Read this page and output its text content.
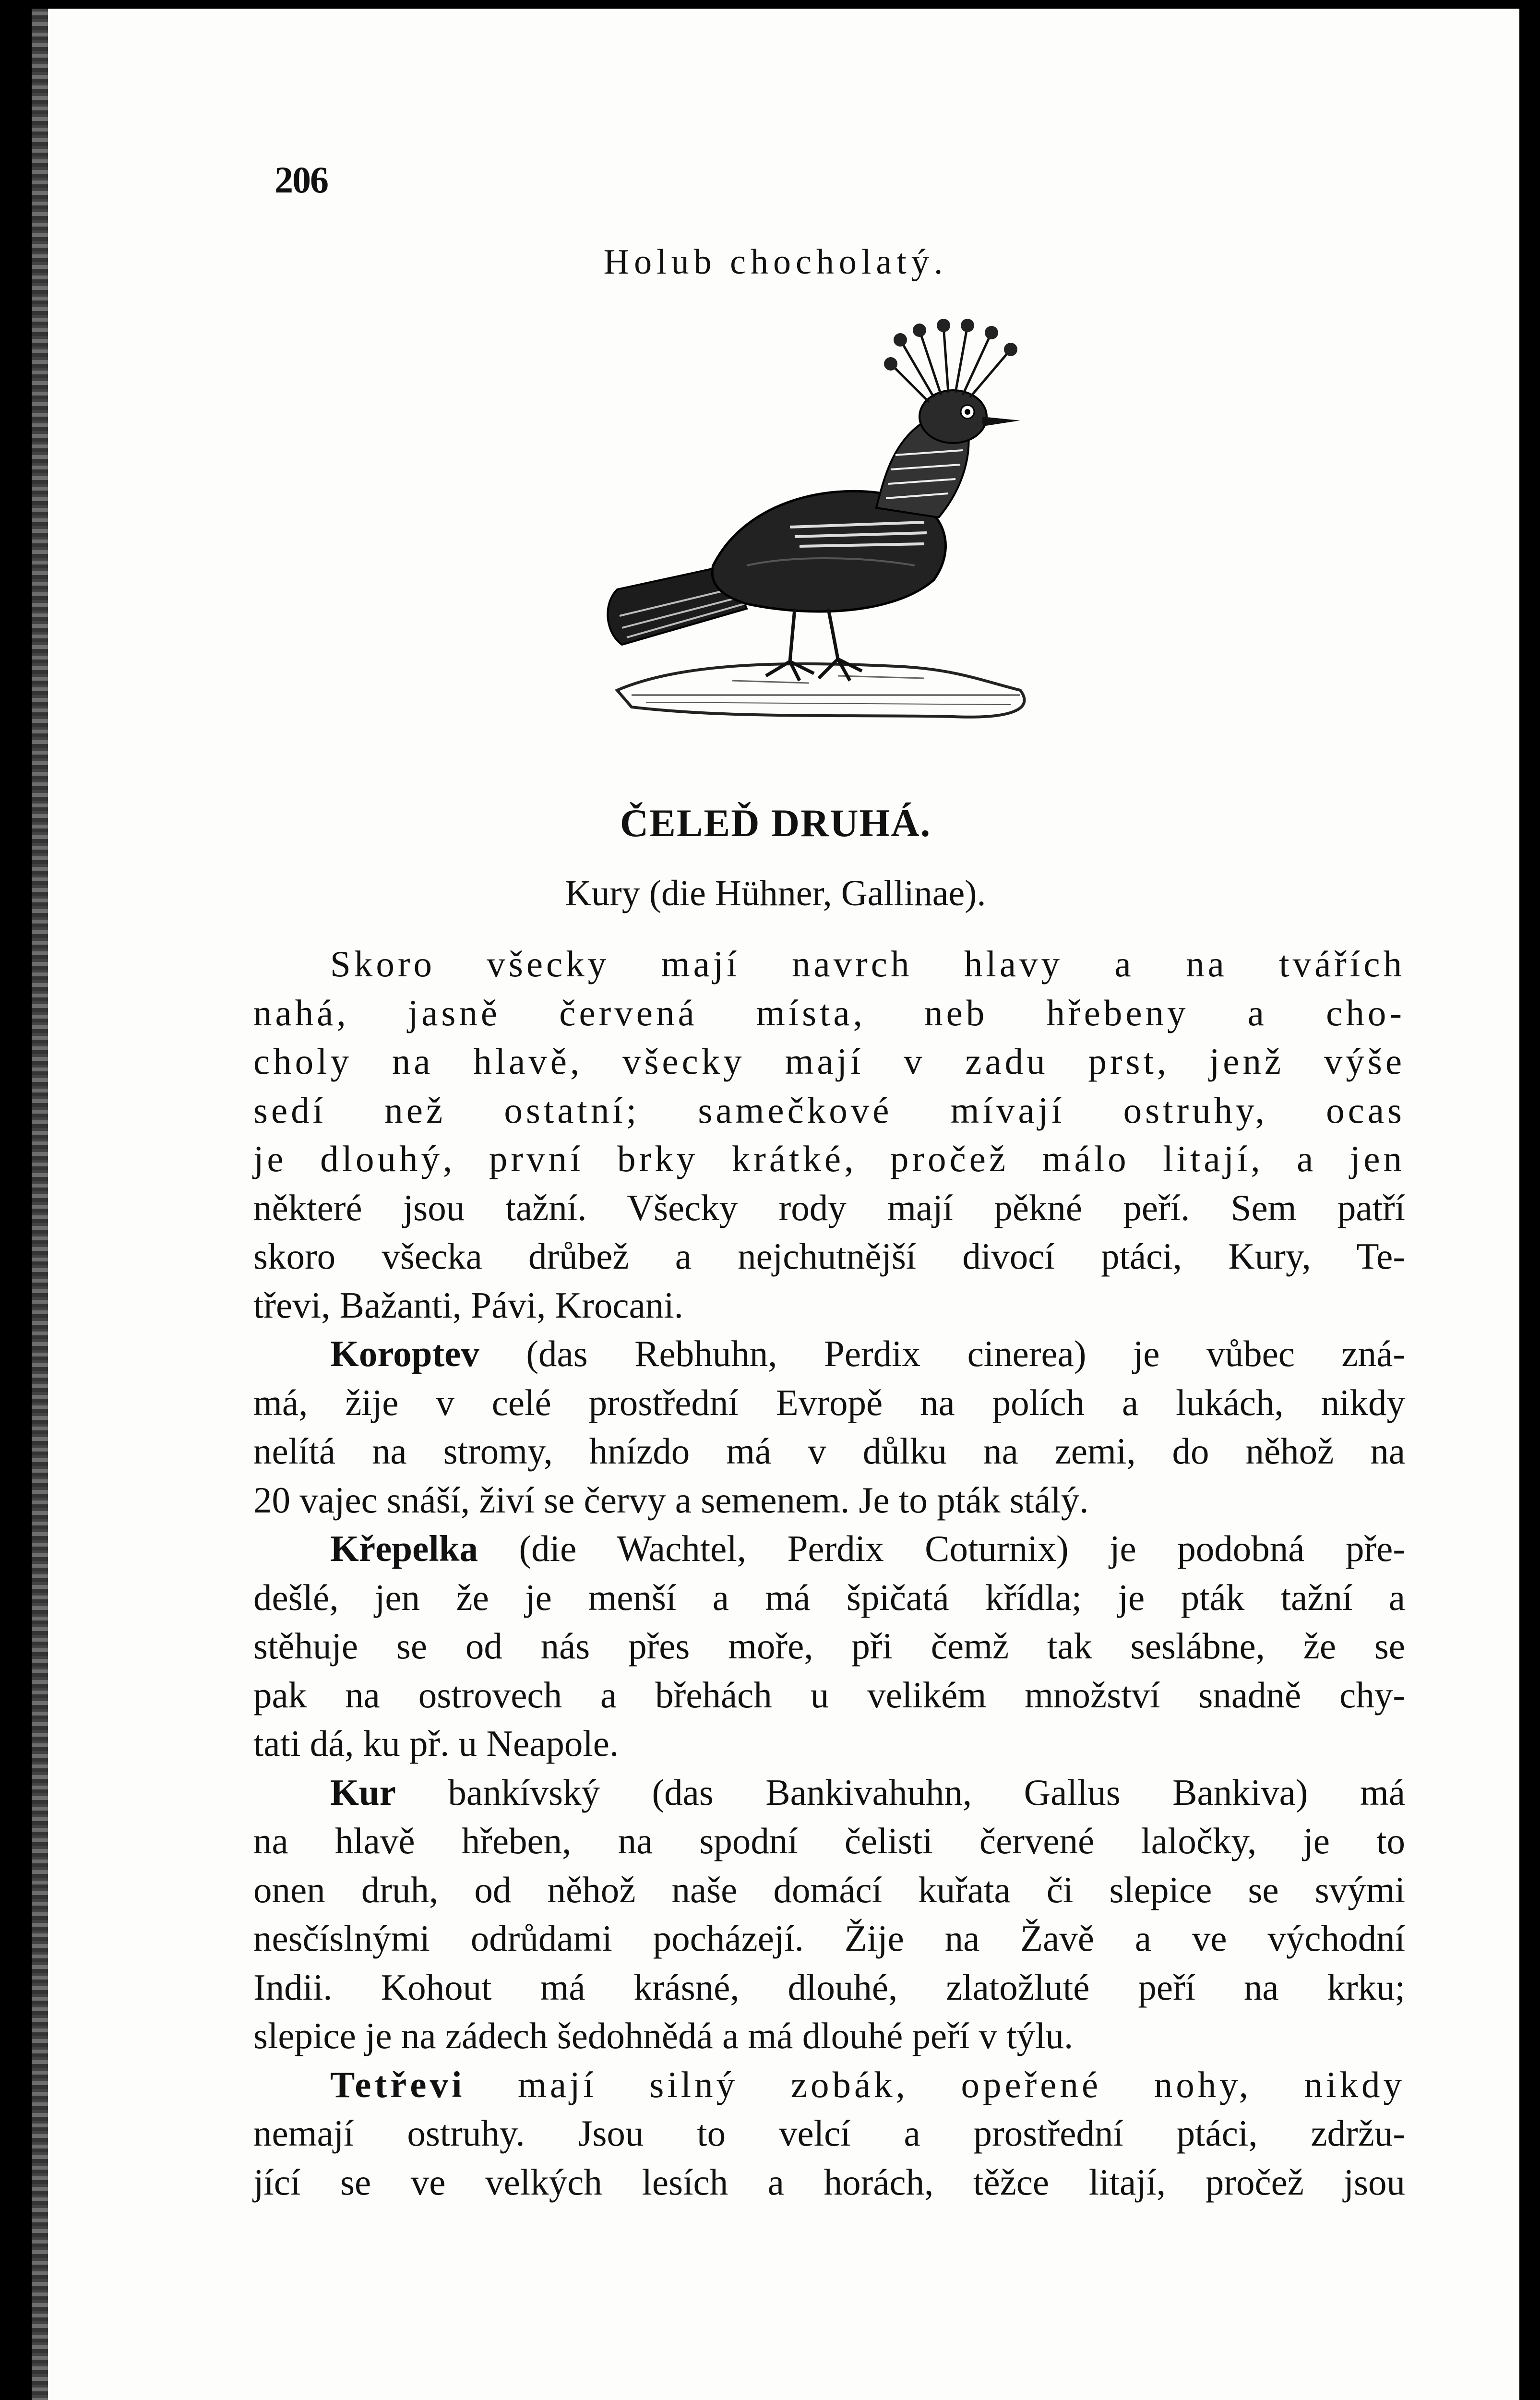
206
Holub chocholatý.
ČELEĎ DRUHÁ.
Kury (die Hühner, Gallinae).
Skoro všecky mají navrch hlavy a na tvářích
nahá, jasně červená místa, neb hřebeny a cho-
choly na hlavě, všecky mají v zadu prst, jenž výše
sedí než ostatní; samečkové mívají ostruhy, ocas
je dlouhý, první brky krátké, pročež málo litají, a jen
některé jsou tažní. Všecky rody mají pěkné peří. Sem patří
skoro všecka drůbež a nejchutnější divocí ptáci, Kury, Te-
třevi, Bažanti, Pávi, Krocani.
Koroptev (das Rebhuhn, Perdix cinerea) je vůbec zná-
má, žije v celé prostřední Evropě na polích a lukách, nikdy
nelítá na stromy, hnízdo má v důlku na zemi, do něhož na
20 vajec snáší, živí se červy a semenem. Je to pták stálý.
Křepelka (die Wachtel, Perdix Coturnix) je podobná pře-
dešlé, jen že je menší a má špičatá křídla; je pták tažní a
stěhuje se od nás přes moře, při čemž tak seslábne, že se
pak na ostrovech a břehách u velikém množství snadně chy-
tati dá, ku př. u Neapole.
Kur bankívský (das Bankivahuhn, Gallus Bankiva) má
na hlavě hřeben, na spodní čelisti červené laločky, je to
onen druh, od něhož naše domácí kuřata či slepice se svými
nesčíslnými odrůdami pocházejí. Žije na Žavě a ve východní
Indii. Kohout má krásné, dlouhé, zlatožluté peří na krku;
slepice je na zádech šedohnědá a má dlouhé peří v týlu.
Tetřevi mají silný zobák, opeřené nohy, nikdy
nemají ostruhy. Jsou to velcí a prostřední ptáci, zdržu-
jící se ve velkých lesích a horách, těžce litají, pročež jsou
